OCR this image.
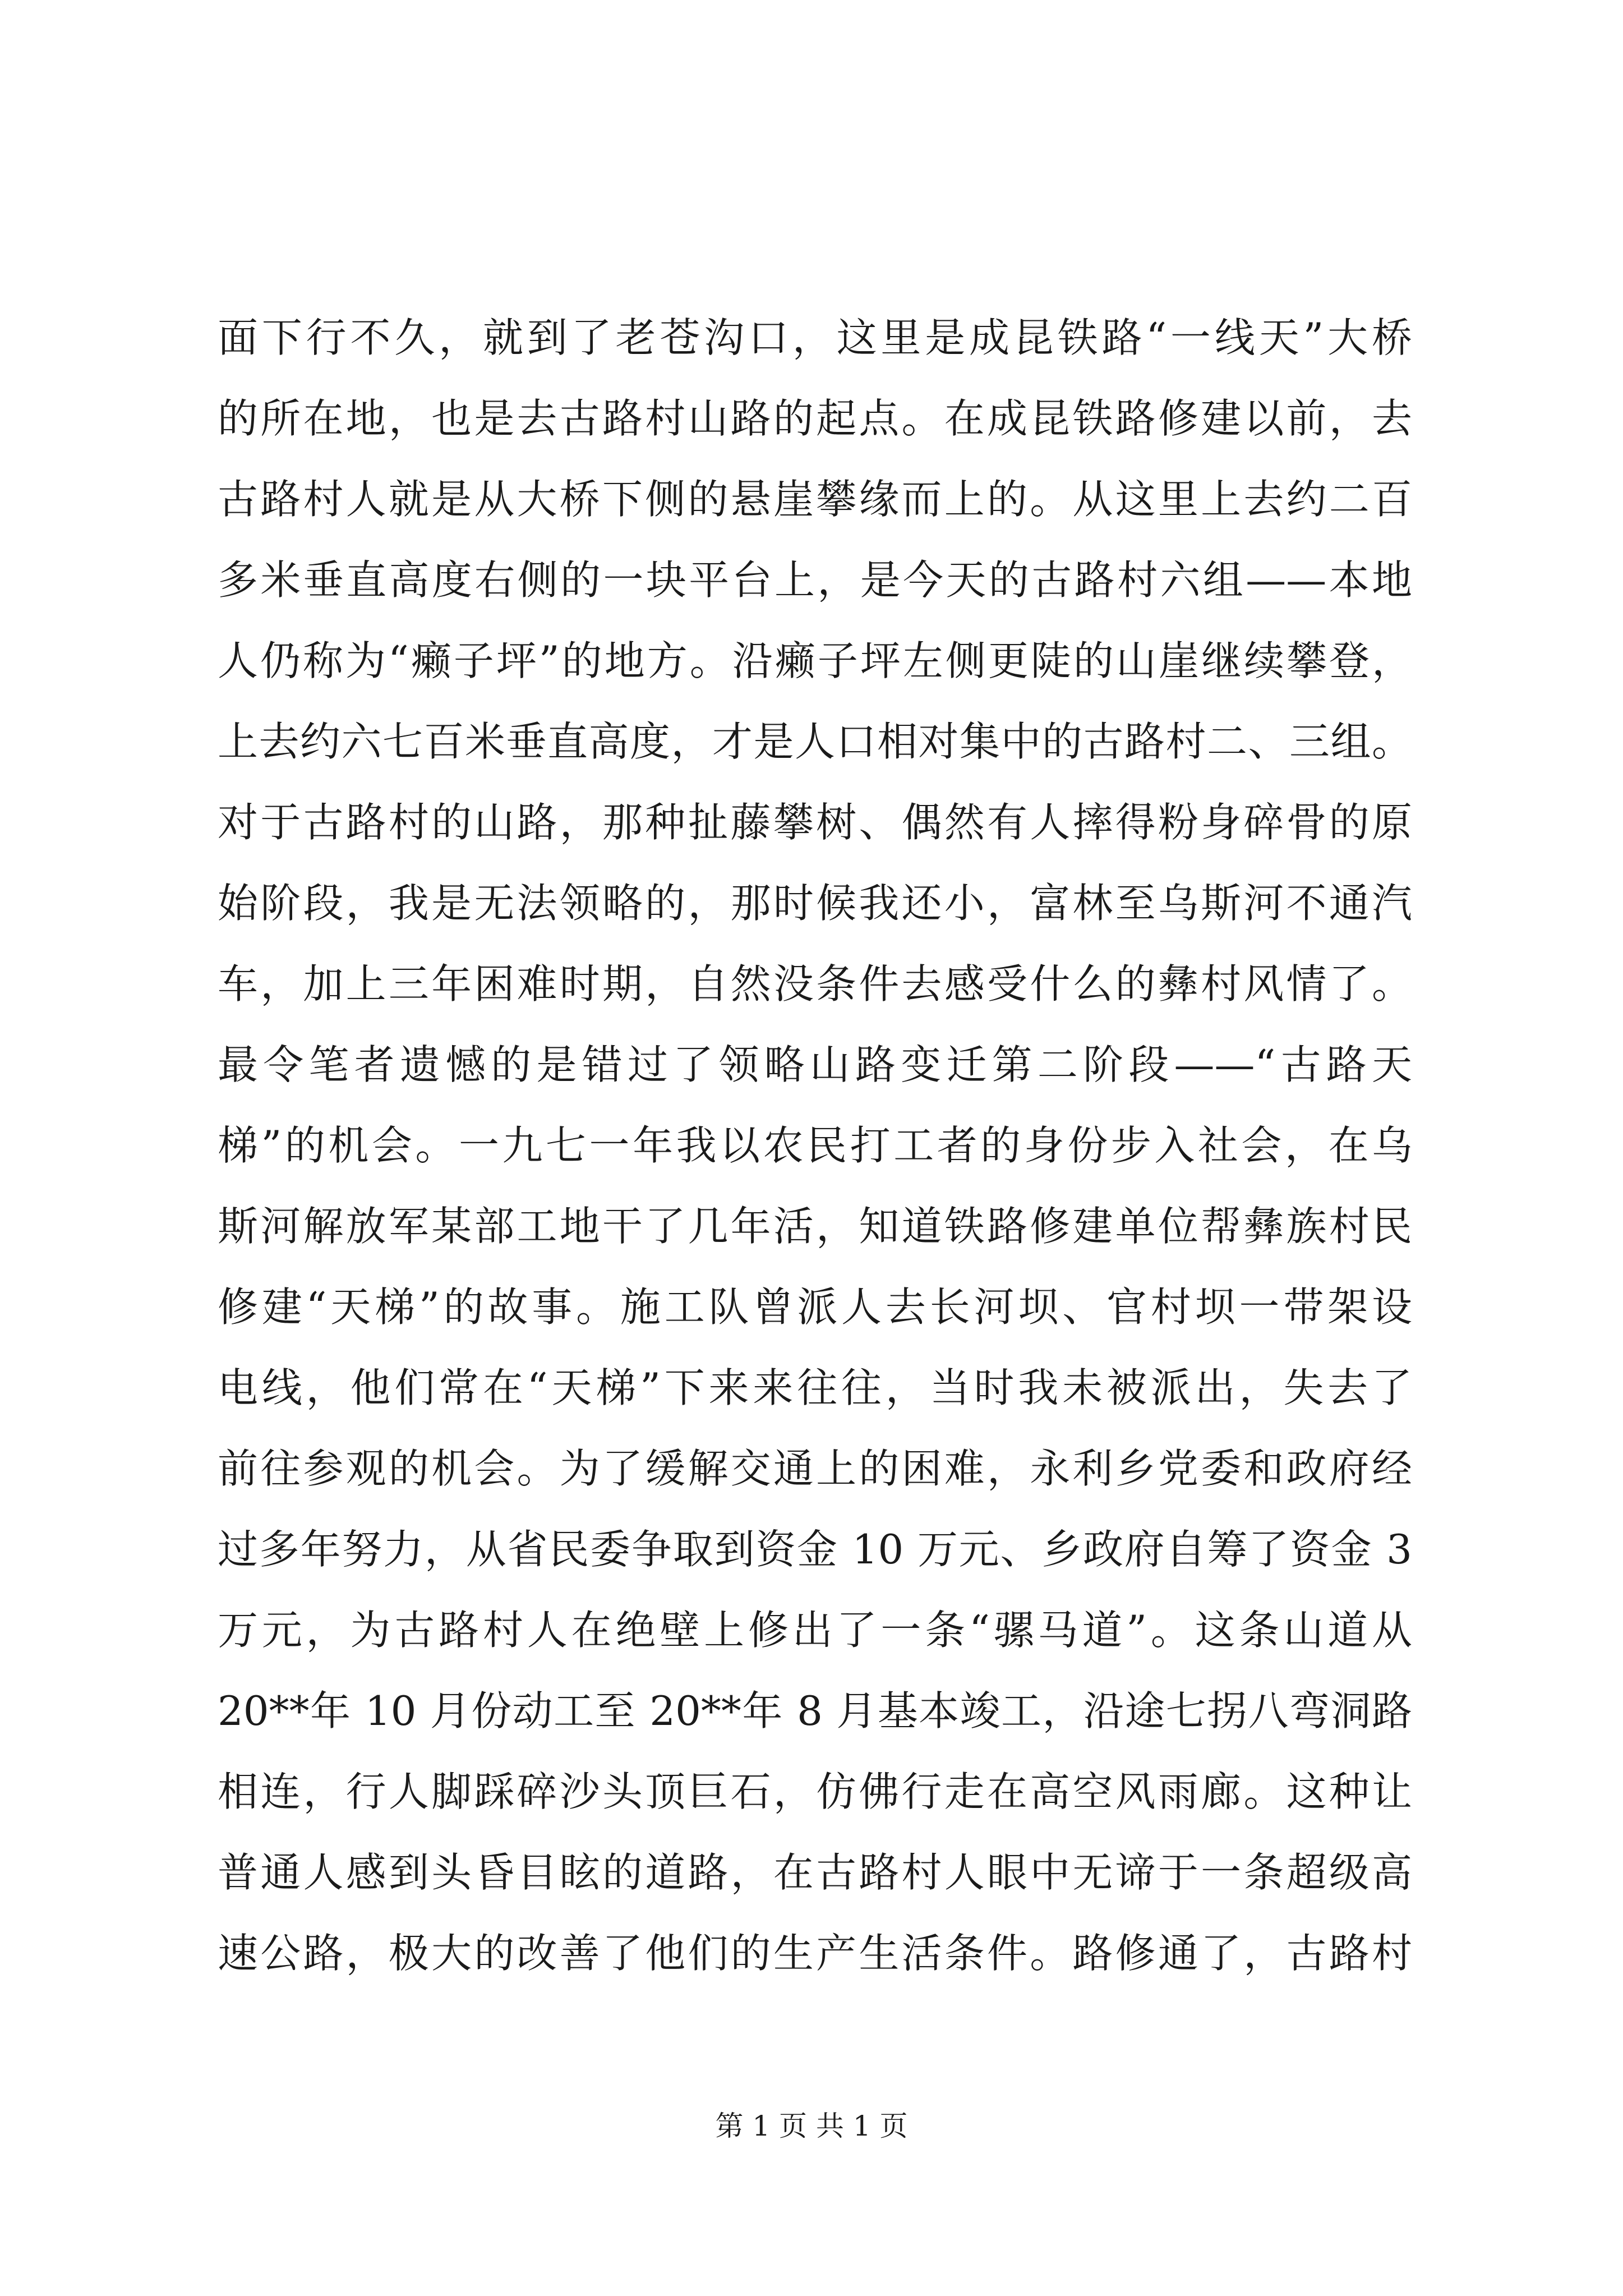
面下行不久，就到了老苍沟口，这里是成昆铁路“一线天”大桥
的所在地，也是去古路村山路的起点。在成昆铁路修建以前，去
古路村人就是从大桥下侧的悬崖攀缘而上的。从这里上去约二百
多米垂直高度右侧的一块平台上，是今天的古路村六组——本地
人仍称为“癞子坪”的地方。沿癞子坪左侧更陡的山崖继续攀登，
上去约六七百米垂直高度，才是人口相对集中的古路村二、三组。
对于古路村的山路，那种扯藤攀树、偶然有人摔得粉身碎骨的原
始阶段，我是无法领略的，那时候我还小，富林至乌斯河不通汽
车，加上三年困难时期，自然没条件去感受什么的彝村风情了。
最令笔者遗憾的是错过了领略山路变迁第二阶段——“古路天
梯”的机会。一九七一年我以农民打工者的身份步入社会，在乌
斯河解放军某部工地干了几年活，知道铁路修建单位帮彝族村民
修建“天梯”的故事。施工队曾派人去长河坝、官村坝一带架设
电线，他们常在“天梯”下来来往往，当时我未被派出，失去了
前往参观的机会。为了缓解交通上的困难，永利乡党委和政府经
过多年努力，从省民委争取到资金 10 万元、乡政府自筹了资金 3
万元，为古路村人在绝壁上修出了一条“骡马道”。这条山道从
20**年 10 月份动工至 20**年 8 月基本竣工，沿途七拐八弯洞路
相连，行人脚踩碎沙头顶巨石，仿佛行走在高空风雨廊。这种让
普通人感到头昏目眩的道路，在古路村人眼中无谛于一条超级高
速公路，极大的改善了他们的生产生活条件。路修通了，古路村
第 1 页 共 1 页
